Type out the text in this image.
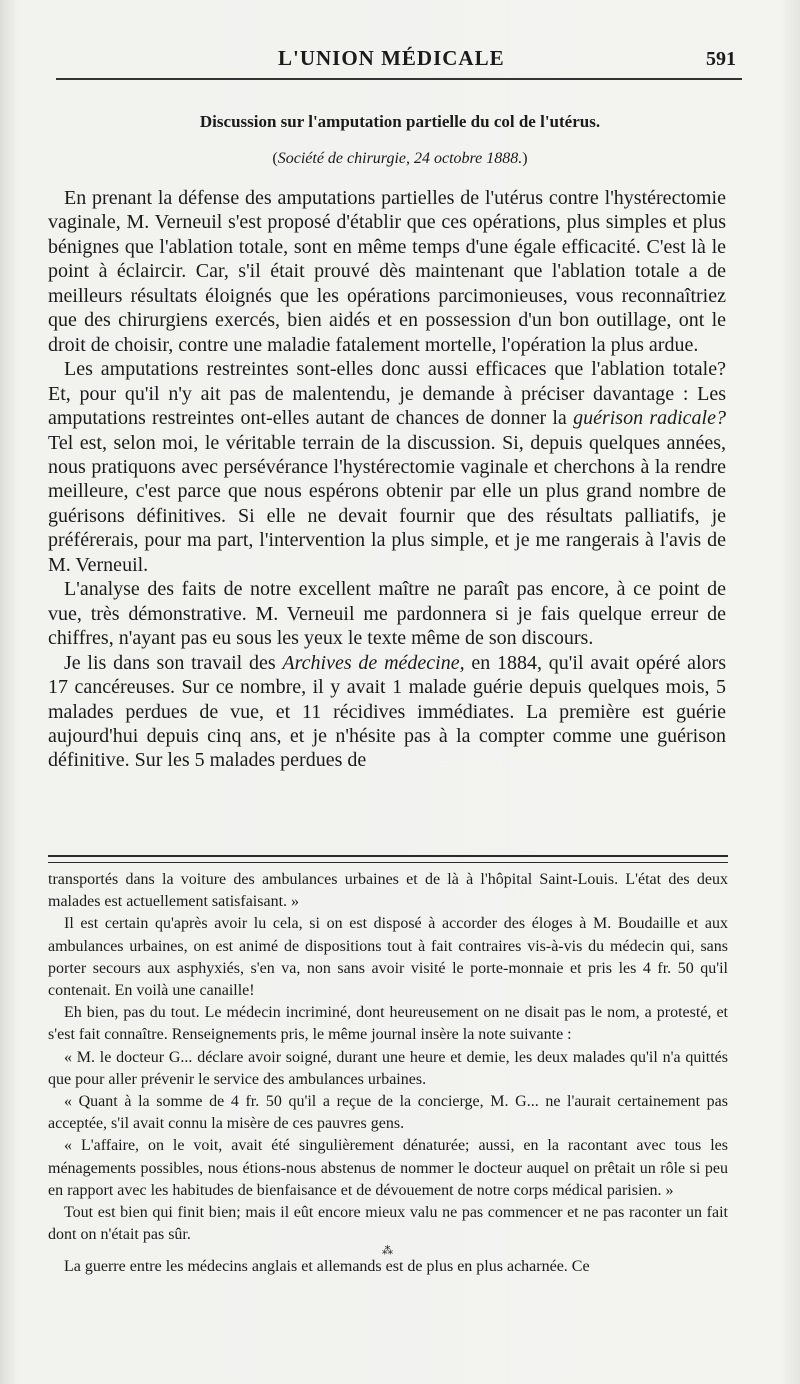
L'UNION MÉDICALE	591
Discussion sur l'amputation partielle du col de l'utérus.
(Société de chirurgie, 24 octobre 1888.)

En prenant la défense des amputations partielles de l'utérus contre l'hystérectomie vaginale, M. Verneuil s'est proposé d'établir que ces opérations, plus simples et plus bénignes que l'ablation totale, sont en même temps d'une égale efficacité. C'est là le point à éclaircir. Car, s'il était prouvé dès maintenant que l'ablation totale a de meilleurs résultats éloignés que les opérations parcimonieuses, vous reconnaîtriez que des chirurgiens exercés, bien aidés et en possession d'un bon outillage, ont le droit de choisir, contre une maladie fatalement mortelle, l'opération la plus ardue.

Les amputations restreintes sont-elles donc aussi efficaces que l'ablation totale? Et, pour qu'il n'y ait pas de malentendu, je demande à préciser davantage : Les amputations restreintes ont-elles autant de chances de donner la guérison radicale? Tel est, selon moi, le véritable terrain de la discussion. Si, depuis quelques années, nous pratiquons avec persévérance l'hystérectomie vaginale et cherchons à la rendre meilleure, c'est parce que nous espérons obtenir par elle un plus grand nombre de guérisons définitives. Si elle ne devait fournir que des résultats palliatifs, je préférerais, pour ma part, l'intervention la plus simple, et je me rangerais à l'avis de M. Verneuil.

L'analyse des faits de notre excellent maître ne paraît pas encore, à ce point de vue, très démonstrative. M. Verneuil me pardonnera si je fais quelque erreur de chiffres, n'ayant pas eu sous les yeux le texte même de son discours.

Je lis dans son travail des Archives de médecine, en 1884, qu'il avait opéré alors 17 cancéreuses. Sur ce nombre, il y avait 1 malade guérie depuis quelques mois, 5 malades perdues de vue, et 11 récidives immédiates. La première est guérie aujourd'hui depuis cinq ans, et je n'hésite pas à la compter comme une guérison définitive. Sur les 5 malades perdues de

transportés dans la voiture des ambulances urbaines et de là à l'hôpital Saint-Louis. L'état des deux malades est actuellement satisfaisant. »

Il est certain qu'après avoir lu cela, si on est disposé à accorder des éloges à M. Boudaille et aux ambulances urbaines, on est animé de dispositions tout à fait contraires vis-à-vis du médecin qui, sans porter secours aux asphyxiés, s'en va, non sans avoir visité le porte-monnaie et pris les 4 fr. 50 qu'il contenait. En voilà une canaille!

Eh bien, pas du tout. Le médecin incriminé, dont heureusement on ne disait pas le nom, a protesté, et s'est fait connaître. Renseignements pris, le même journal insère la note suivante :

« M. le docteur G... déclare avoir soigné, durant une heure et demie, les deux malades qu'il n'a quittés que pour aller prévenir le service des ambulances urbaines.

« Quant à la somme de 4 fr. 50 qu'il a reçue de la concierge, M. G... ne l'aurait certainement pas acceptée, s'il avait connu la misère de ces pauvres gens.

« L'affaire, on le voit, avait été singulièrement dénaturée; aussi, en la racontant avec tous les ménagements possibles, nous étions-nous abstenus de nommer le docteur auquel on prêtait un rôle si peu en rapport avec les habitudes de bienfaisance et de dévouement de notre corps médical parisien. »

Tout est bien qui finit bien; mais il eût encore mieux valu ne pas commencer et ne pas raconter un fait dont on n'était pas sûr.

⁂

La guerre entre les médecins anglais et allemands est de plus en plus acharnée. Ce
